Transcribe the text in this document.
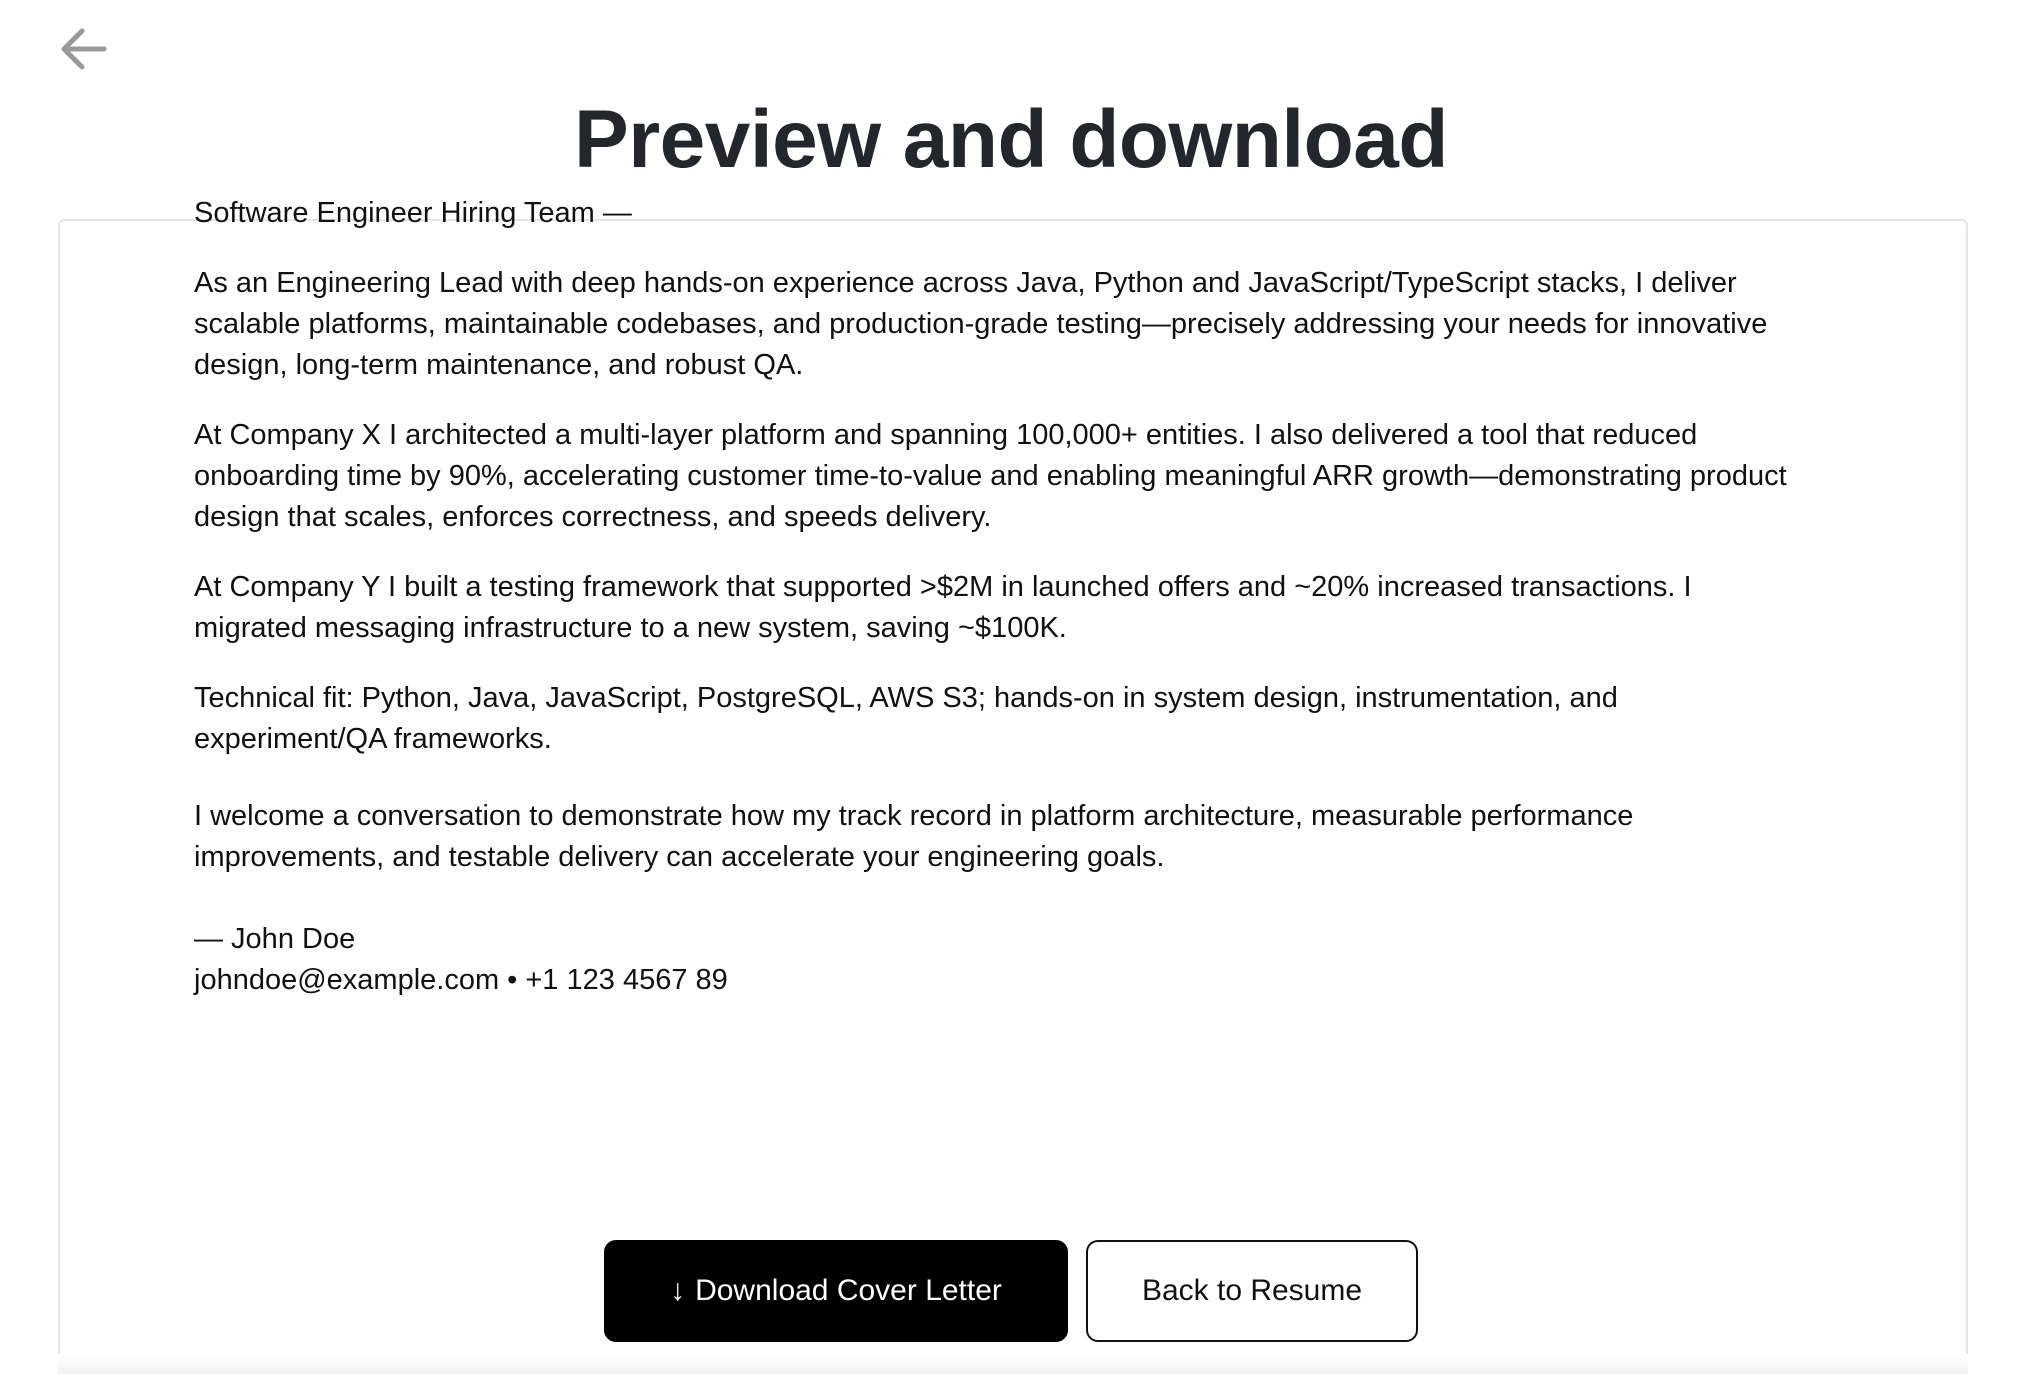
Preview and download

Software Engineer Hiring Team —

As an Engineering Lead with deep hands-on experience across Java, Python and JavaScript/TypeScript stacks, I deliver scalable platforms, maintainable codebases, and production-grade testing—precisely addressing your needs for innovative design, long-term maintenance, and robust QA.

At Company X I architected a multi-layer platform and spanning 100,000+ entities. I also delivered a tool that reduced onboarding time by 90%, accelerating customer time-to-value and enabling meaningful ARR growth—demonstrating product design that scales, enforces correctness, and speeds delivery.

At Company Y I built a testing framework that supported >$2M in launched offers and ~20% increased transactions. I migrated messaging infrastructure to a new system, saving ~$100K.

Technical fit: Python, Java, JavaScript, PostgreSQL, AWS S3; hands-on in system design, instrumentation, and experiment/QA frameworks.

I welcome a conversation to demonstrate how my track record in platform architecture, measurable performance improvements, and testable delivery can accelerate your engineering goals.

— John Doe
johndoe@example.com • +1 123 4567 89

↓ Download Cover Letter	Back to Resume
